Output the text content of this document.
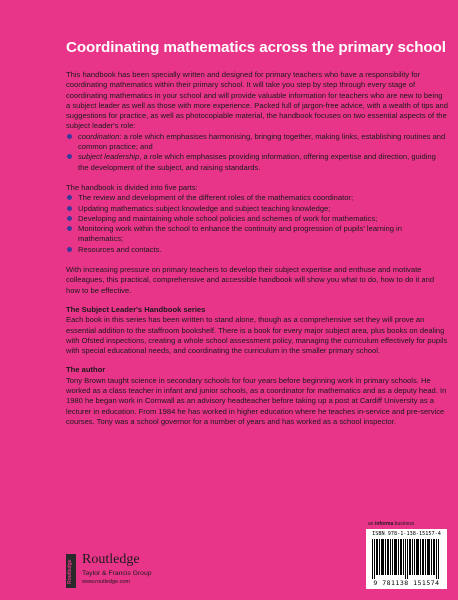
Coordinating mathematics across the primary school

This handbook has been specially written and designed for primary teachers who have a responsibility for coordinating mathematics within their primary school. It will take you step by step through every stage of coordinating mathematics in your school and will provide valuable information for teachers who are new to being a subject leader as well as those with more experience. Packed full of jargon-free advice, with a wealth of tips and suggestions for practice, as well as photocopiable material, the handbook focuses on two essential aspects of the subject leader's role:

coordination: a role which emphasises harmonising, bringing together, making links, establishing routines and common practice; and
subject leadership, a role which emphasises providing information, offering expertise and direction, guiding the development of the subject, and raising standards.

The handbook is divided into five parts:

The review and development of the different roles of the mathematics coordinator;
Updating mathematics subject knowledge and subject teaching knowledge;
Developing and maintaining whole school policies and schemes of work for mathematics;
Monitoring work within the school to enhance the continuity and progression of pupils' learning in mathematics;
Resources and contacts.

With increasing pressure on primary teachers to develop their subject expertise and enthuse and motivate colleagues, this practical, comprehensive and accessible handbook will show you what to do, how to do it and how to be effective.

The Subject Leader's Handbook series

Each book in this series has been written to stand alone, though as a comprehensive set they will prove an essential addition to the staffroom bookshelf. There is a book for every major subject area, plus books on dealing with Ofsted inspections, creating a whole school assessment policy, managing the curriculum effectively for pupils with special educational needs, and coordinating the curriculum in the smaller primary school.

The author

Tony Brown taught science in secondary schools for four years before beginning work in primary schools. He worked as a class teacher in infant and junior schools, as a coordinator for mathematics and as a deputy head. In 1980 he began work in Cornwall as an advisory headteacher before taking up a post at Cardiff University as a lecturer in education. From 1984 he has worked in higher education where he teaches in-service and pre-service courses. Tony was a school governor for a number of years and has worked as a school inspector.

an informa business
ISBN 978-1-138-15157-4
9 781138 151574
Routledge
Routledge
Taylor & Francis Group
www.routledge.com
